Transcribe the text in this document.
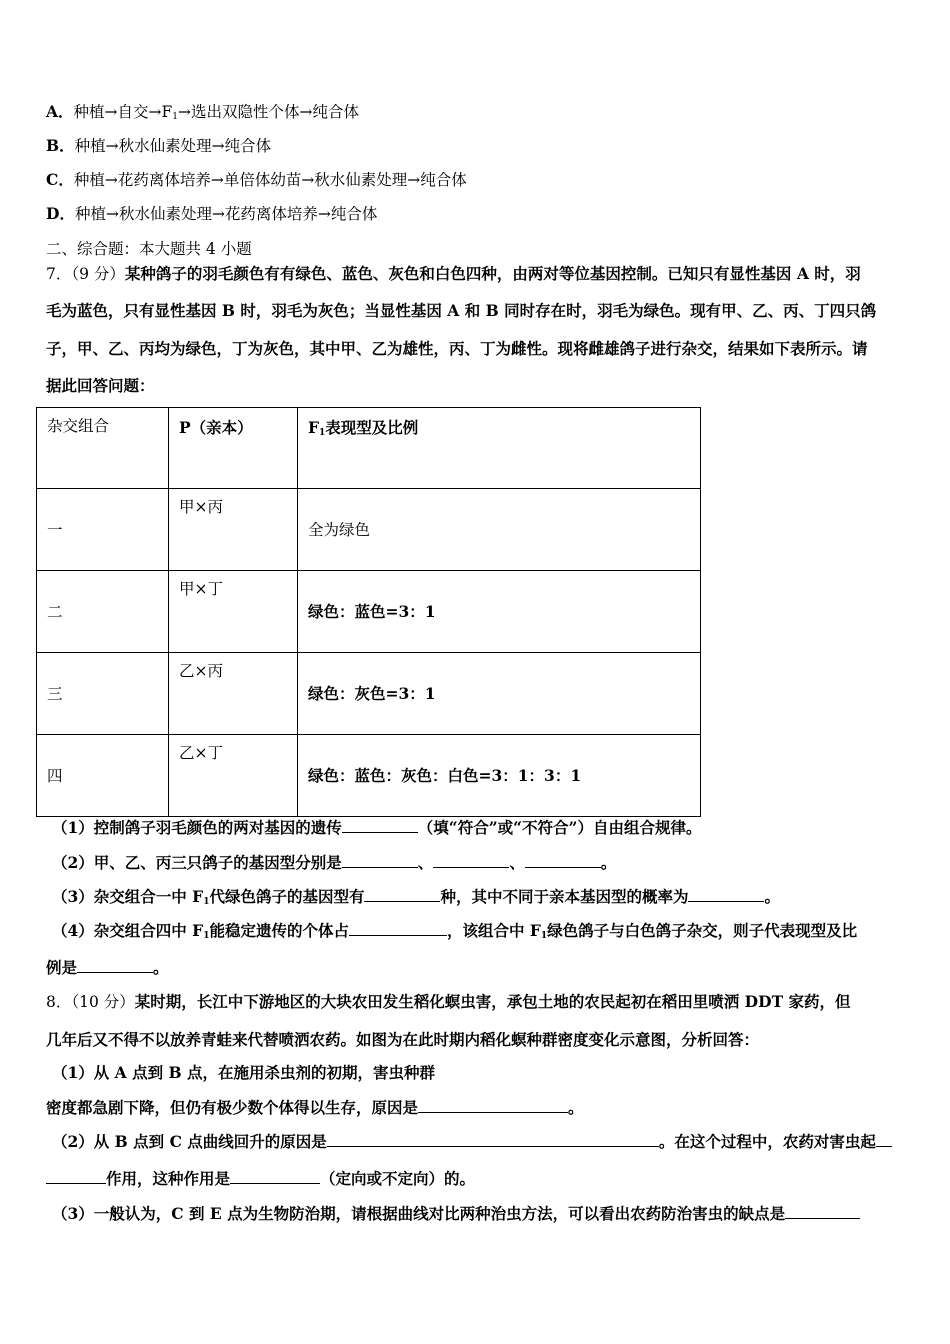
A．种植→自交$\to F_1\to$选出双隐性个体→纯合体
B．种植→秋水仙素处理→纯合体
C．种植→花药离体培养→单倍体幼苗→秋水仙素处理→纯合体
D．种植→秋水仙素处理→花药离体培养→纯合体
二、综合题：本大题共 4 小题
7．（9 分）某种鸽子的羽毛颜色有有绿色、蓝色、灰色和白色四种，由两对等位基因控制。已知只有显性基因 A 时，羽
毛为蓝色，只有显性基因 B 时，羽毛为灰色；当显性基因 A 和 B 同时存在时，羽毛为绿色。现有甲、乙、丙、丁四只鸽
子，甲、乙、丙均为绿色，丁为灰色，其中甲、乙为雄性，丙、丁为雌性。现将雌雄鸽子进行杂交，结果如下表所示。请
据此回答问题：
杂交组合	P（亲本）	$F_1$表现型及比例
一	甲×丙	全为绿色
二	甲×丁	绿色：蓝色=3：1
三	乙×丙	绿色：灰色=3：1
四	乙×丁	绿色：蓝色：灰色：白色=3：1：3：1
（1）控制鸽子羽毛颜色的两对基因的遗传	（填“符合”或“不符合”）自由组合规律。
（2）甲、乙、丙三只鸽子的基因型分别是	、	、	。
（3）杂交组合一中 $F_1$代绿色鸽子的基因型有	种，其中不同于亲本基因型的概率为	。
（4）杂交组合四中 $F_1$能稳定遗传的个体占	，该组合中 $F_1$绿色鸽子与白色鸽子杂交，则子代表现型及比
例是	。
8．（10 分）某时期，长江中下游地区的大块农田发生稻化螟虫害，承包土地的农民起初在稻田里喷洒 DDT 家药，但
几年后又不得不以放养青蛙来代替喷洒农药。如图为在此时期内稻化螟种群密度变化示意图，分析回答：
（1）从 A 点到 B 点，在施用杀虫剂的初期，害虫种群
密度都急剧下降，但仍有极少数个体得以生存，原因是	。
（2）从 B 点到 C 点曲线回升的原因是	。在这个过程中，农药对害虫起
作用，这种作用是	（定向或不定向）的。
（3）一般认为，C 到 E 点为生物防治期，请根据曲线对比两种治虫方法，可以看出农药防治害虫的缺点是
